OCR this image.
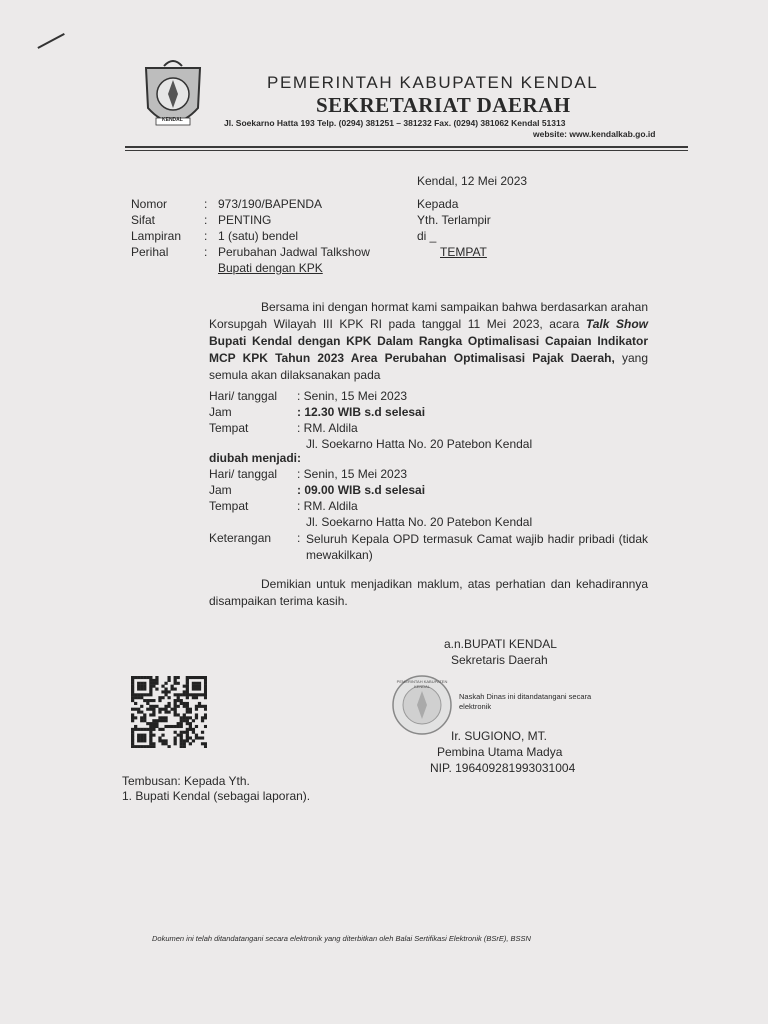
KENDAL
PEMERINTAH KABUPATEN KENDAL
SEKRETARIAT DAERAH
Jl. Soekarno Hatta 193 Telp. (0294) 381251 – 381232 Fax. (0294) 381062 Kendal 51313
website: www.kendalkab.go.id
Kendal, 12 Mei 2023
Nomor	: 973/190/BAPENDA
Sifat	: PENTING
Lampiran : 1 (satu) bendel
Perihal	: Perubahan Jadwal Talkshow
Bupati dengan KPK
Kepada
Yth. Terlampir
di _
TEMPAT
Bersama ini dengan hormat kami sampaikan bahwa berdasarkan arahan Korsupgah Wilayah III KPK RI pada tanggal 11 Mei 2023, acara Talk Show Bupati Kendal dengan KPK Dalam Rangka Optimalisasi Capaian Indikator MCP KPK Tahun 2023 Area Perubahan Optimalisasi Pajak Daerah, yang semula akan dilaksanakan pada
Hari/ tanggal : Senin, 15 Mei 2023
Jam	: 12.30 WIB s.d selesai
Tempat	: RM. Aldila
Jl. Soekarno Hatta No. 20 Patebon Kendal
diubah menjadi:
Hari/ tanggal : Senin, 15 Mei 2023
Jam	: 09.00 WIB s.d selesai
Tempat	: RM. Aldila
Jl. Soekarno Hatta No. 20 Patebon Kendal
Keterangan : Seluruh Kepala OPD termasuk Camat wajib hadir pribadi (tidak mewakilkan)
Demikian untuk menjadikan maklum, atas perhatian dan kehadirannya disampaikan terima kasih.
a.n.BUPATI KENDAL
Sekretaris Daerah
PEMERINTAH KABUPATEN KENDAL
Naskah Dinas ini ditandatangani secara elektronik
Ir. SUGIONO, MT.
Pembina Utama Madya
NIP. 196409281993031004
Tembusan: Kepada Yth.
1. Bupati Kendal (sebagai laporan).
Dokumen ini telah ditandatangani secara elektronik yang diterbitkan oleh Balai Sertifikasi Elektronik (BSrE), BSSN
